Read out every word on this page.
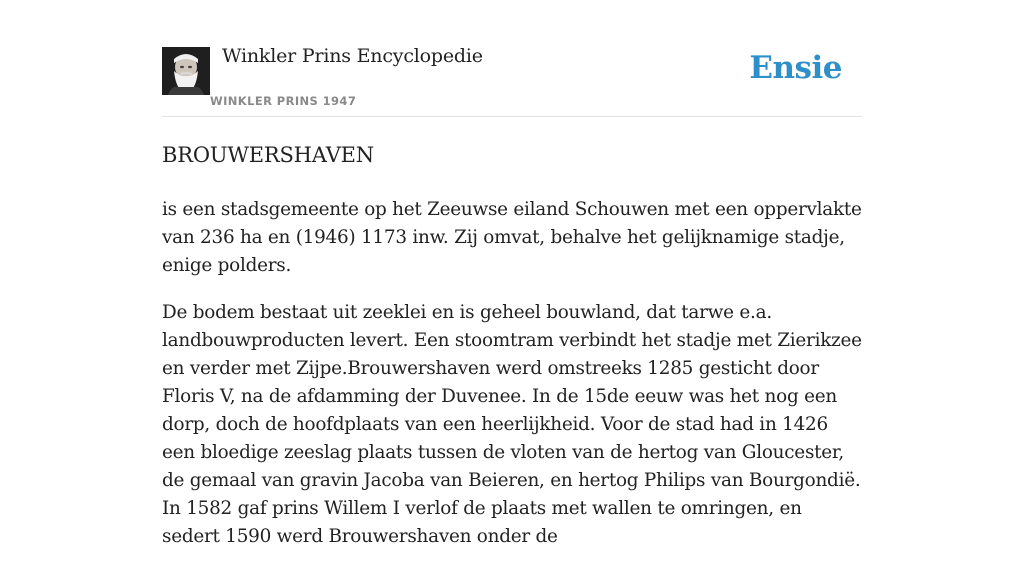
Winkler Prins Encyclopedie
WINKLER PRINS 1947
Ensie
BROUWERSHAVEN

is een stadsgemeente op het Zeeuwse eiland Schouwen met een oppervlakte van 236 ha en (1946) 1173 inw. Zij omvat, behalve het gelijknamige stadje, enige polders.

De bodem bestaat uit zeeklei en is geheel bouwland, dat tarwe e.a. landbouwproducten levert. Een stoomtram verbindt het stadje met Zierikzee en verder met Zijpe.Brouwershaven werd omstreeks 1285 gesticht door Floris V, na de afdamming der Duvenee. In de 15de eeuw was het nog een dorp, doch de hoofdplaats van een heerlijkheid. Voor de stad had in 1426 een bloedige zeeslag plaats tussen de vloten van de hertog van Gloucester, de gemaal van gravin Jacoba van Beieren, en hertog Philips van Bourgondië. In 1582 gaf prins Willem I verlof de plaats met wallen te omringen, en sedert 1590 werd Brouwershaven onder de
